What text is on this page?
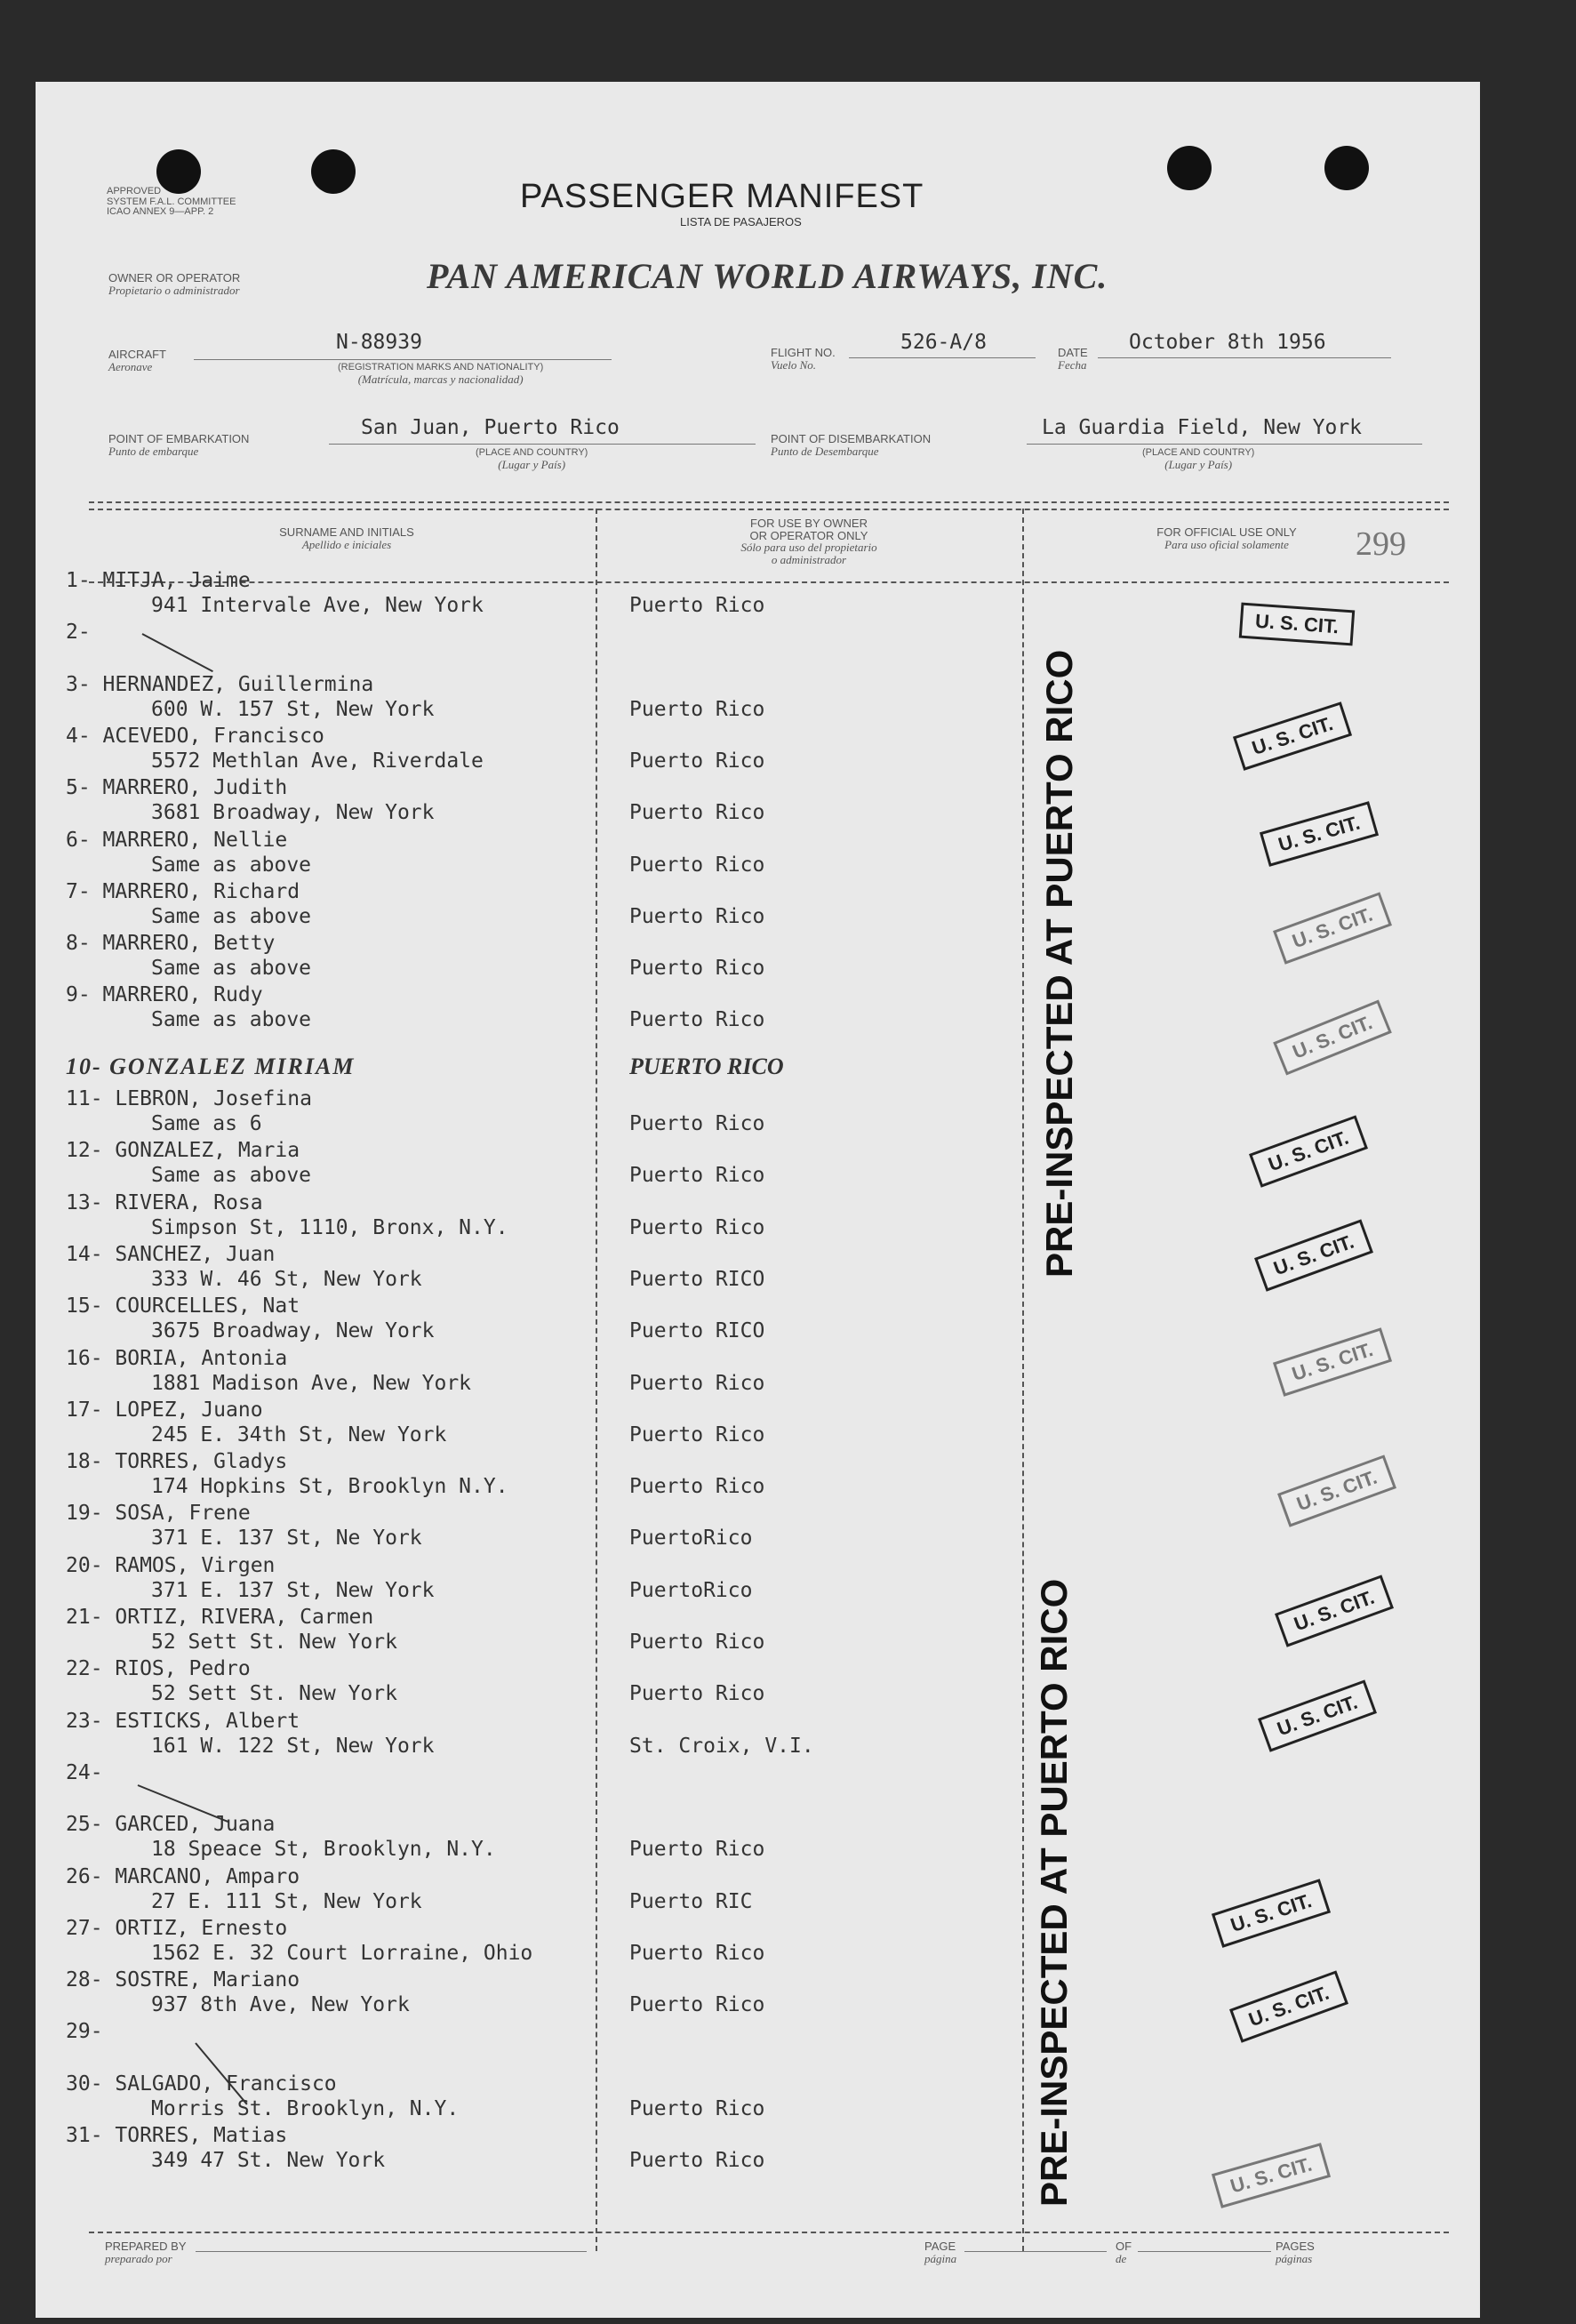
APPROVED
SYSTEM F.A.L. COMMITTEE
ICAO ANNEX 9—APP. 2	PASSENGER MANIFEST
LISTA DE PASAJEROS
OWNER OR OPERATOR
Propietario o administrador	PAN AMERICAN WORLD AIRWAYS, INC.
AIRCRAFT
Aeronave
N-88939
(REGISTRATION MARKS AND NATIONALITY)
(Matrícula, marcas y nacionalidad)
FLIGHT NO.
Vuelo No.
526-A/8	DATE
Fecha
October 8th 1956
POINT OF EMBARKATION
Punto de embarque
San Juan, Puerto Rico
(PLACE AND COUNTRY)
(Lugar y País)
POINT OF DISEMBARKATION
Punto de Desembarque
La Guardia Field, New York
(PLACE AND COUNTRY)
(Lugar y País)
SURNAME AND INITIALS
Apellido e iniciales
FOR USE BY OWNER
OR OPERATOR ONLY
Sólo para uso del propietario
o administrador
FOR OFFICIAL USE ONLY
Para uso oficial solamente	299
1- MITJA, Jaime
941 Intervale Ave, New York	Puerto Rico
2-
3- HERNANDEZ, Guillermina
600 W. 157 St, New York	Puerto Rico
4- ACEVEDO, Francisco
5572 Methlan Ave, Riverdale	Puerto Rico
5- MARRERO, Judith
3681 Broadway, New York	Puerto Rico
6- MARRERO, Nellie
Same as above	Puerto Rico
7- MARRERO, Richard
Same as above	Puerto Rico
8- MARRERO, Betty
Same as above	Puerto Rico
9- MARRERO, Rudy
Same as above	Puerto Rico
10- GONZALEZ MIRIAM	PUERTO RICO
11- LEBRON, Josefina
Same as 6	Puerto Rico
12- GONZALEZ, Maria
Same as above	Puerto Rico
13- RIVERA, Rosa
Simpson St, 1110, Bronx, N.Y.	Puerto Rico
14- SANCHEZ, Juan
333 W. 46 St, New York	Puerto RICO
15- COURCELLES, Nat
3675 Broadway, New York	Puerto RICO
16- BORIA, Antonia
1881 Madison Ave, New York	Puerto Rico
17- LOPEZ, Juano
245 E. 34th St, New York	Puerto Rico
18- TORRES, Gladys
174 Hopkins St, Brooklyn N.Y.	Puerto Rico
19- SOSA, Frene
371 E. 137 St, Ne York	PuertoRico
20- RAMOS, Virgen
371 E. 137 St, New York	PuertoRico
21- ORTIZ, RIVERA, Carmen
52 Sett St. New York	Puerto Rico
22- RIOS, Pedro
52 Sett St. New York	Puerto Rico
23- ESTICKS, Albert
161 W. 122 St, New York	St. Croix, V.I.
24-
25- GARCED, Juana
18 Speace St, Brooklyn, N.Y.	Puerto Rico
26- MARCANO, Amparo
27 E. 111 St, New York	Puerto RIC
27- ORTIZ, Ernesto
1562 E. 32 Court Lorraine, Ohio	Puerto Rico
28- SOSTRE, Mariano
937 8th Ave, New York	Puerto Rico
29-
30- SALGADO, Francisco
Morris St. Brooklyn, N.Y.	Puerto Rico
31- TORRES, Matias
349 47 St. New York	Puerto Rico
PRE-INSPECTED AT PUERTO RICO
PRE-INSPECTED AT PUERTO RICO
U. S. CIT.
U. S. CIT.
U. S. CIT.
U. S. CIT.
U. S. CIT.
U. S. CIT.
U. S. CIT.
U. S. CIT.
U. S. CIT.
U. S. CIT.
U. S. CIT.
U. S. CIT.
U. S. CIT.
U. S. CIT.
PREPARED BY
preparado por
PAGE
página
OF
de
PAGES
páginas
